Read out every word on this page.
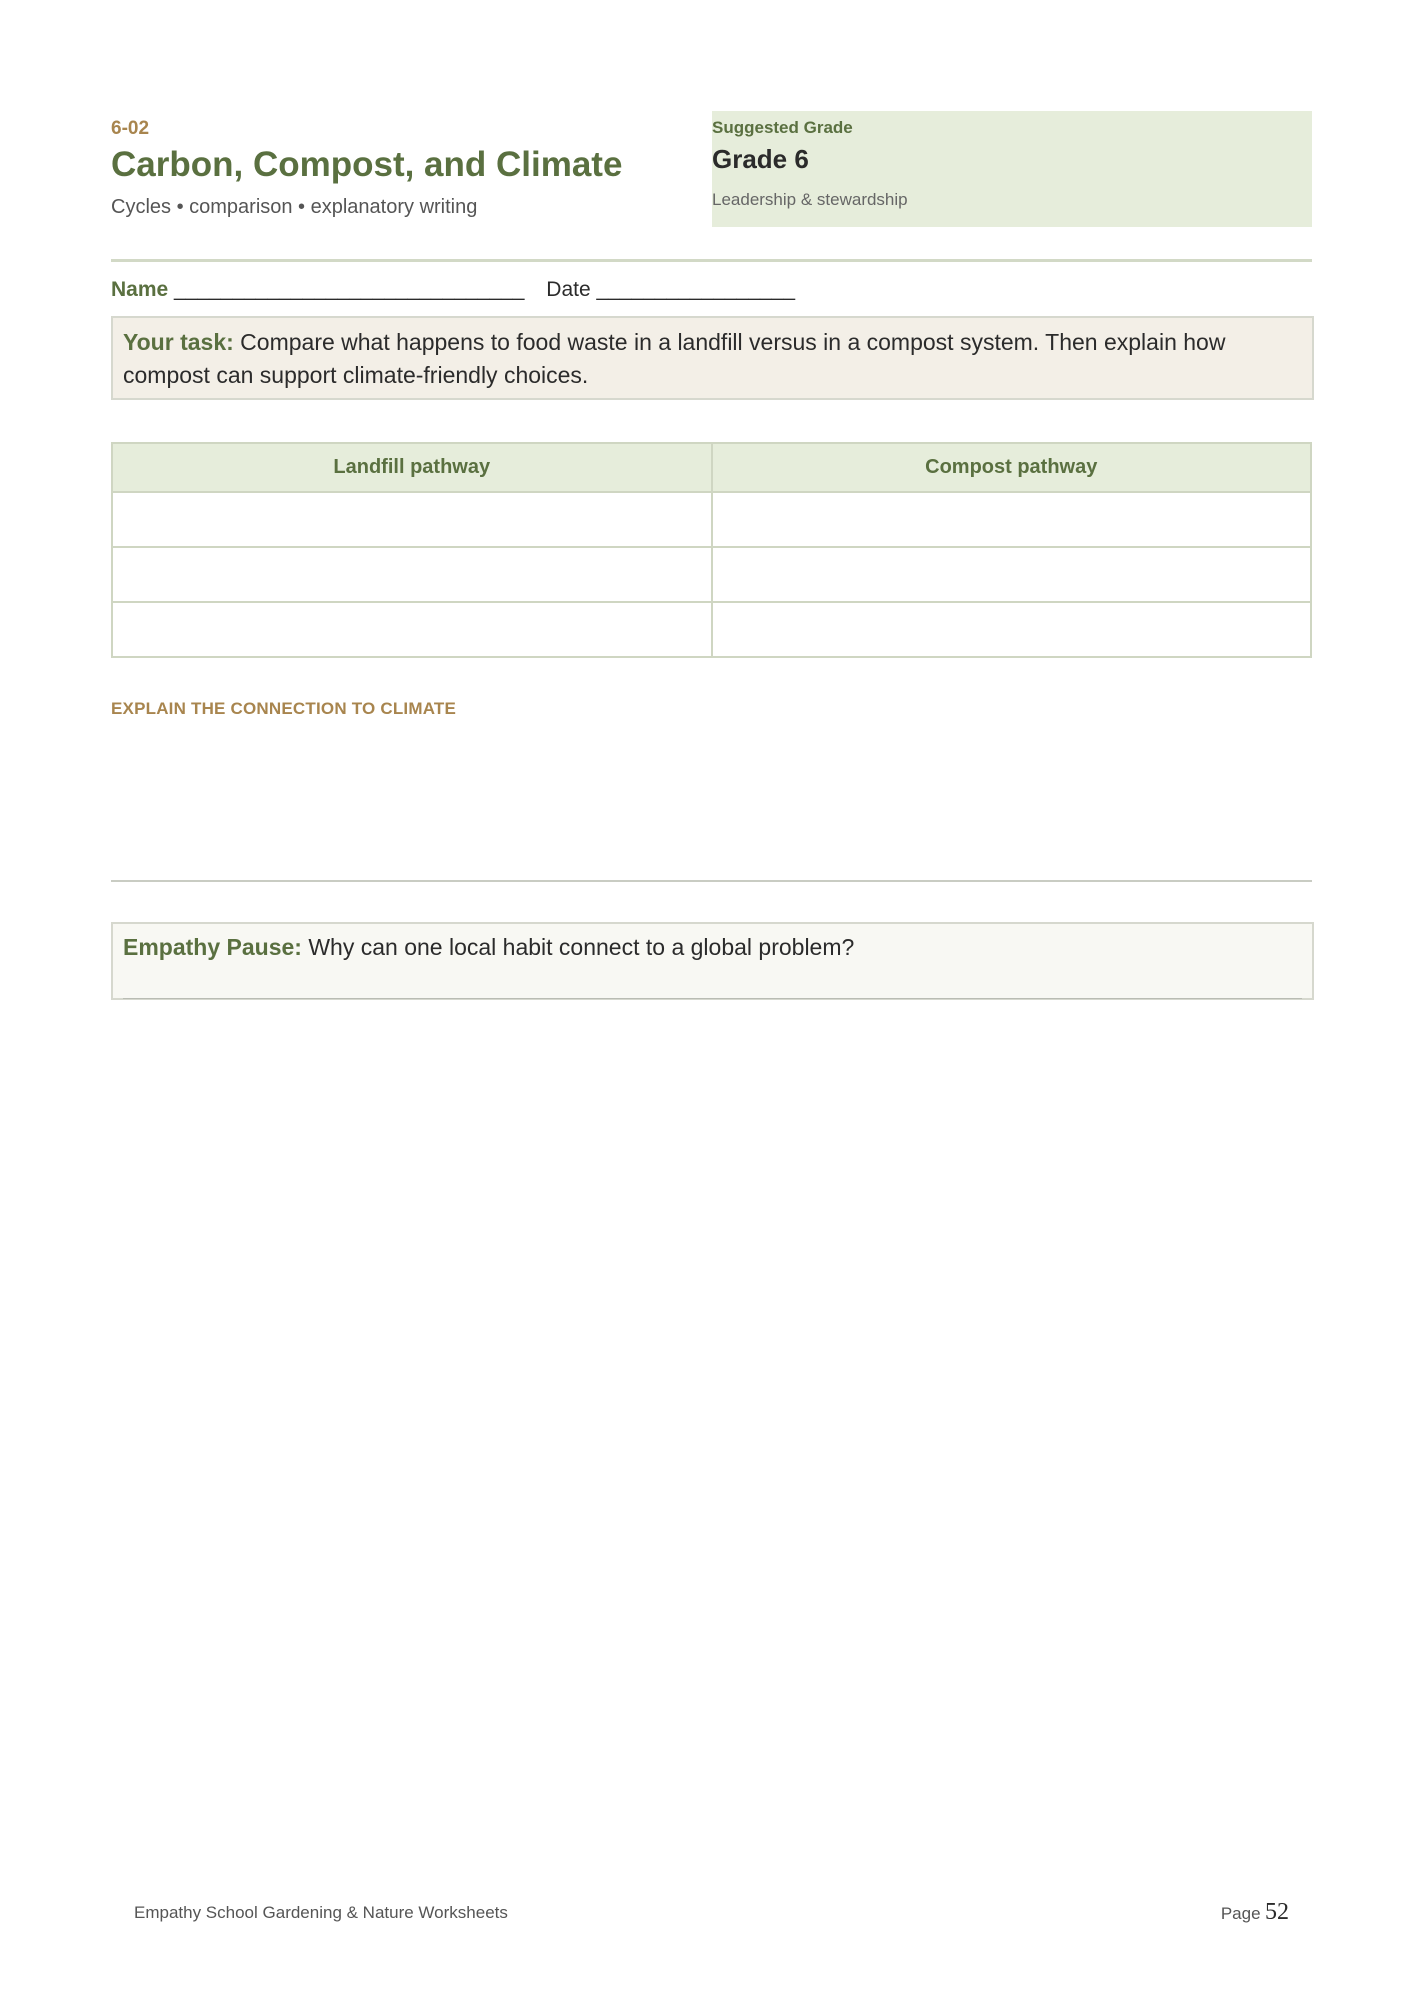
6-02
Carbon, Compost, and Climate
Cycles • comparison • explanatory writing
Suggested Grade
Grade 6
Leadership & stewardship
Name ______________________________ Date _________________
Your task: Compare what happens to food waste in a landfill versus in a compost system. Then explain how compost can support climate-friendly choices.
Landfill pathway	Compost pathway

EXPLAIN THE CONNECTION TO CLIMATE
Empathy Pause: Why can one local habit connect to a global problem?
Empathy School Gardening & Nature Worksheets	Page 52
